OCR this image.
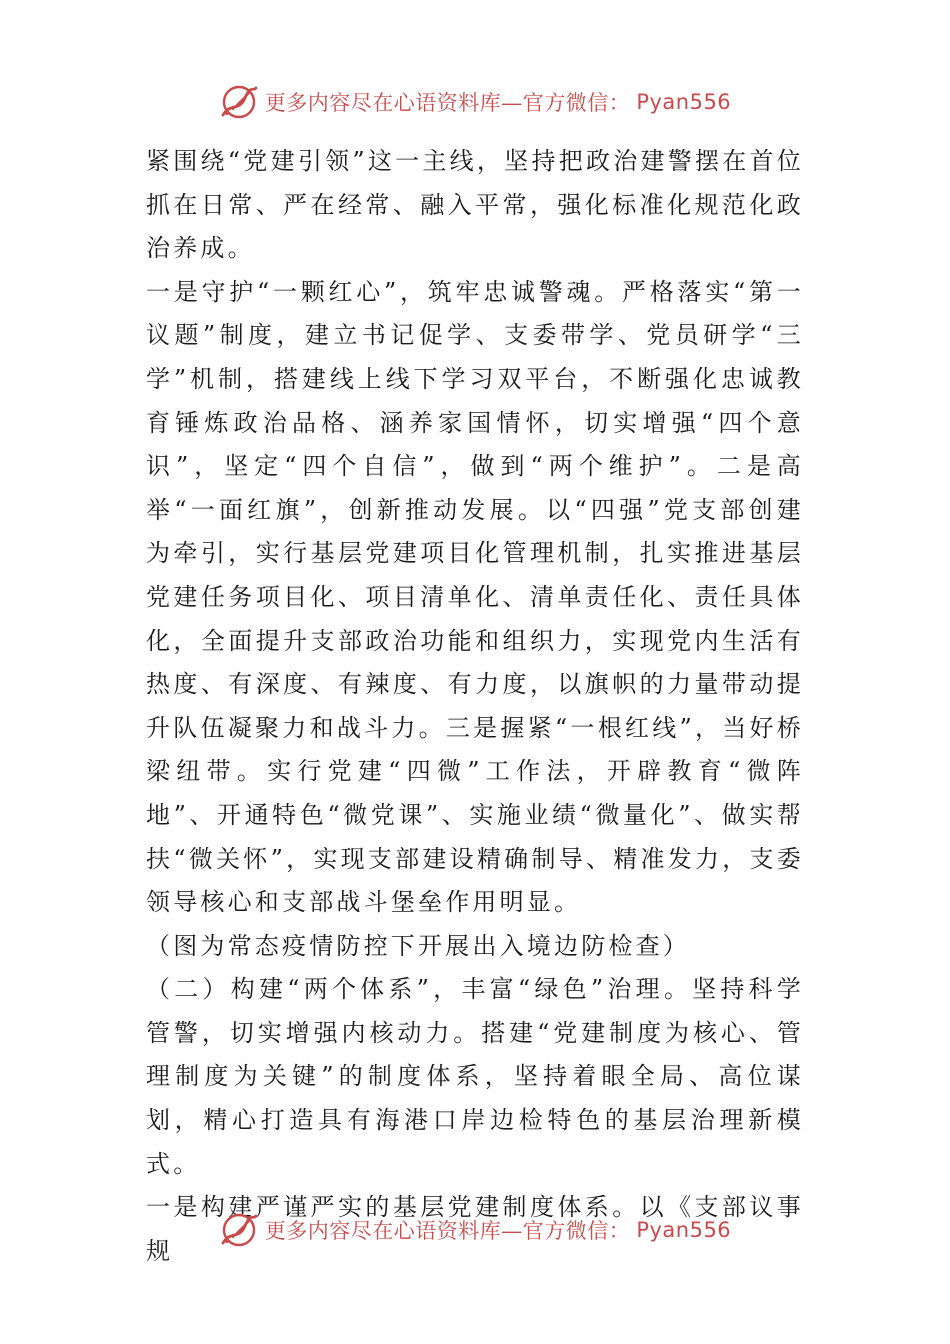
更多内容尽在心语资料库—官方微信： Pyan556

紧围绕“党建引领”这一主线，坚持把政治建警摆在首位抓在日常、严在经常、融入平常，强化标准化规范化政治养成。

一是守护“一颗红心”，筑牢忠诚警魂。严格落实“第一议题”制度，建立书记促学、支委带学、党员研学“三学”机制，搭建线上线下学习双平台，不断强化忠诚教育锤炼政治品格、涵养家国情怀，切实增强“四个意识”，坚定“四个自信”，做到“两个维护”。二是高举“一面红旗”，创新推动发展。以“四强”党支部创建为牵引，实行基层党建项目化管理机制，扎实推进基层党建任务项目化、项目清单化、清单责任化、责任具体化，全面提升支部政治功能和组织力，实现党内生活有热度、有深度、有辣度、有力度，以旗帜的力量带动提升队伍凝聚力和战斗力。三是握紧“一根红线”，当好桥梁纽带。实行党建“四微”工作法，开辟教育“微阵地”、开通特色“微党课”、实施业绩“微量化”、做实帮扶“微关怀”，实现支部建设精确制导、精准发力，支委领导核心和支部战斗堡垒作用明显。

（图为常态疫情防控下开展出入境边防检查）

（二）构建“两个体系”，丰富“绿色”治理。坚持科学管警，切实增强内核动力。搭建“党建制度为核心、管理制度为关键”的制度体系，坚持着眼全局、高位谋划，精心打造具有海港口岸边检特色的基层治理新模式。

一是构建严谨严实的基层党建制度体系。以《支部议事规

更多内容尽在心语资料库—官方微信： Pyan556
